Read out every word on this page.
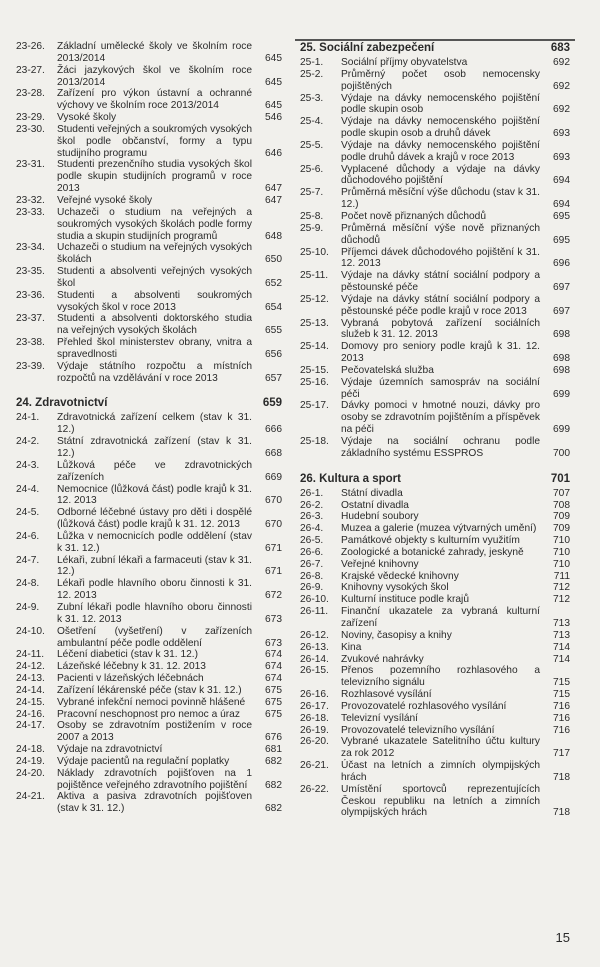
23-26.	Základní umělecké školy ve školním roce 2013/2014	645
23-27.	Žáci jazykových škol ve školním roce 2013/2014	645
23-28.	Zařízení pro výkon ústavní a ochranné výchovy ve školním roce 2013/2014	645
23-29.	Vysoké školy	546
23-30.	Studenti veřejných a soukromých vysokých škol podle občanství, formy a typu studijního programu	646
23-31.	Studenti prezenčního studia vysokých škol podle skupin studijních programů v roce 2013	647
23-32.	Veřejné vysoké školy	647
23-33.	Uchazeči o studium na veřejných a soukromých vysokých školách podle formy studia a skupin studijních programů	648
23-34.	Uchazeči o studium na veřejných vysokých školách	650
23-35.	Studenti a absolventi veřejných vysokých škol	652
23-36.	Studenti a absolventi soukromých vysokých škol v roce 2013	654
23-37.	Studenti a absolventi doktorského studia na veřejných vysokých školách	655
23-38.	Přehled škol ministerstev obrany, vnitra a spravedlnosti	656
23-39.	Výdaje státního rozpočtu a místních rozpočtů na vzdělávání v roce 2013	657
24. Zdravotnictví	659
24-1.	Zdravotnická zařízení celkem (stav k 31. 12.)	666
24-2.	Státní zdravotnická zařízení (stav k 31. 12.)	668
24-3.	Lůžková péče ve zdravotnických zařízeních	669
24-4.	Nemocnice (lůžková část) podle krajů k 31. 12. 2013	670
24-5.	Odborné léčebné ústavy pro děti i dospělé (lůžková část) podle krajů k 31. 12. 2013 670
24-6.	Lůžka v nemocnicích podle oddělení (stav k 31. 12.)	671
24-7.	Lékaři, zubní lékaři a farmaceuti (stav k 31. 12.)	671
24-8.	Lékaři podle hlavního oboru činnosti k 31. 12. 2013	672
24-9.	Zubní lékaři podle hlavního oboru činnosti k 31. 12. 2013	673
24-10.	Ošetření (vyšetření) v zařízeních ambulantní péče podle oddělení	673
24-11.	Léčení diabetici (stav k 31. 12.)	674
24-12.	Lázeňské léčebny k 31. 12. 2013	674
24-13.	Pacienti v lázeňských léčebnách	674
24-14.	Zařízení lékárenské péče (stav k 31. 12.) 675
24-15.	Vybrané infekční nemoci povinně hlášené 675
24-16.	Pracovní neschopnost pro nemoc a úraz 675
24-17.	Osoby se zdravotním postižením v roce 2007 a 2013	676
24-18.	Výdaje na zdravotnictví	681
24-19.	Výdaje pacientů na regulační poplatky	682
24-20.	Náklady zdravotních pojišťoven na 1 pojištěnce veřejného zdravotního pojištění 682
24-21.	Aktiva a pasiva zdravotních pojišťoven (stav k 31. 12.)	682
25. Sociální zabezpečení	683
25-1.	Sociální příjmy obyvatelstva	692
25-2.	Průměrný počet osob nemocensky pojištěných	692
25-3.	Výdaje na dávky nemocenského pojištění podle skupin osob	692
25-4.	Výdaje na dávky nemocenského pojištění podle skupin osob a druhů dávek	693
25-5.	Výdaje na dávky nemocenského pojištění podle druhů dávek a krajů v roce 2013	693
25-6.	Vyplacené důchody a výdaje na dávky důchodového pojištění	694
25-7.	Průměrná měsíční výše důchodu (stav k 31. 12.)	694
25-8.	Počet nově přiznaných důchodů	695
25-9.	Průměrná měsíční výše nově přiznaných důchodů	695
25-10.	Příjemci dávek důchodového pojištění k 31. 12. 2013	696
25-11.	Výdaje na dávky státní sociální podpory a pěstounské péče	697
25-12.	Výdaje na dávky státní sociální podpory a pěstounské péče podle krajů v roce 2013	697
25-13.	Vybraná pobytová zařízení sociálních služeb k 31. 12. 2013	698
25-14.	Domovy pro seniory podle krajů k 31. 12. 2013	698
25-15.	Pečovatelská služba	698
25-16.	Výdaje územních samospráv na sociální péči	699
25-17.	Dávky pomoci v hmotné nouzi, dávky pro osoby se zdravotním pojištěním a příspěvek na péči	699
25-18.	Výdaje na sociální ochranu podle základního systému ESSPROS	700
26. Kultura a sport	701
26-1.	Státní divadla	707
26-2.	Ostatní divadla	708
26-3.	Hudební soubory	709
26-4.	Muzea a galerie (muzea výtvarných umění) 709
26-5.	Památkové objekty s kulturním využitím	710
26-6.	Zoologické a botanické zahrady, jeskyně	710
26-7.	Veřejné knihovny	710
26-8.	Krajské vědecké knihovny	711
26-9.	Knihovny vysokých škol	712
26-10.	Kulturní instituce podle krajů	712
26-11.	Finanční ukazatele za vybraná kulturní zařízení	713
26-12.	Noviny, časopisy a knihy	713
26-13.	Kina	714
26-14.	Zvukové nahrávky	714
26-15.	Přenos pozemního rozhlasového a televizního signálu	715
26-16.	Rozhlasové vysílání	715
26-17.	Provozovatelé rozhlasového vysílání	716
26-18.	Televizní vysílání	716
26-19.	Provozovatelé televizního vysílání	716
26-20.	Vybrané ukazatele Satelitního účtu kultury za rok 2012	717
26-21.	Účast na letních a zimních olympijských hrách	718
26-22.	Umístění sportovců reprezentujících Českou republiku na letních a zimních olympijských hrách	718
15
